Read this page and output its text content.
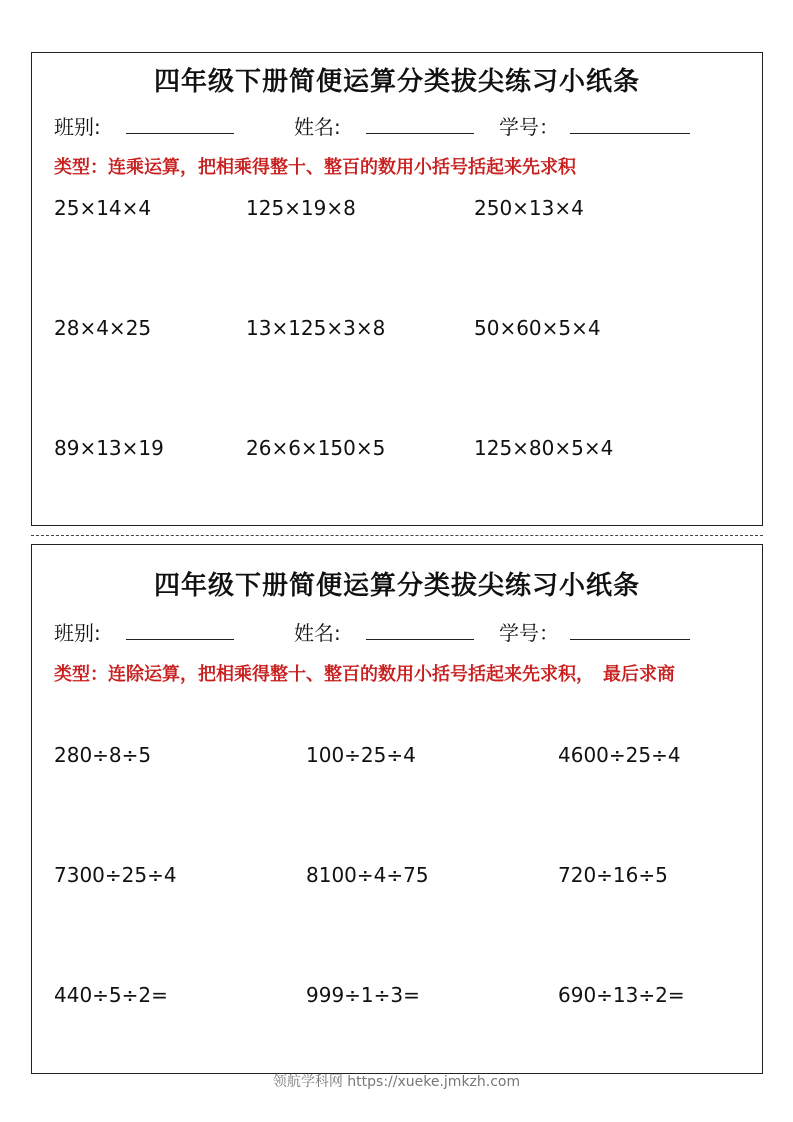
四年级下册简便运算分类拔尖练习小纸条
班别:	姓名:	学号：
类型：连乘运算，把相乘得整十、整百的数用小括号括起来先求积
25×14×4	125×19×8	250×13×4
28×4×25	13×125×3×8	50×60×5×4
89×13×19	26×6×150×5	125×80×5×4
四年级下册简便运算分类拔尖练习小纸条
班别:	姓名:	学号：
类型：连除运算，把相乘得整十、整百的数用小括号括起来先求积，　最后求商
280÷8÷5	100÷25÷4	4600÷25÷4
7300÷25÷4	8100÷4÷75	720÷16÷5
440÷5÷2=	999÷1÷3=	690÷13÷2=
领航学科网 https://xueke.jmkzh.com
